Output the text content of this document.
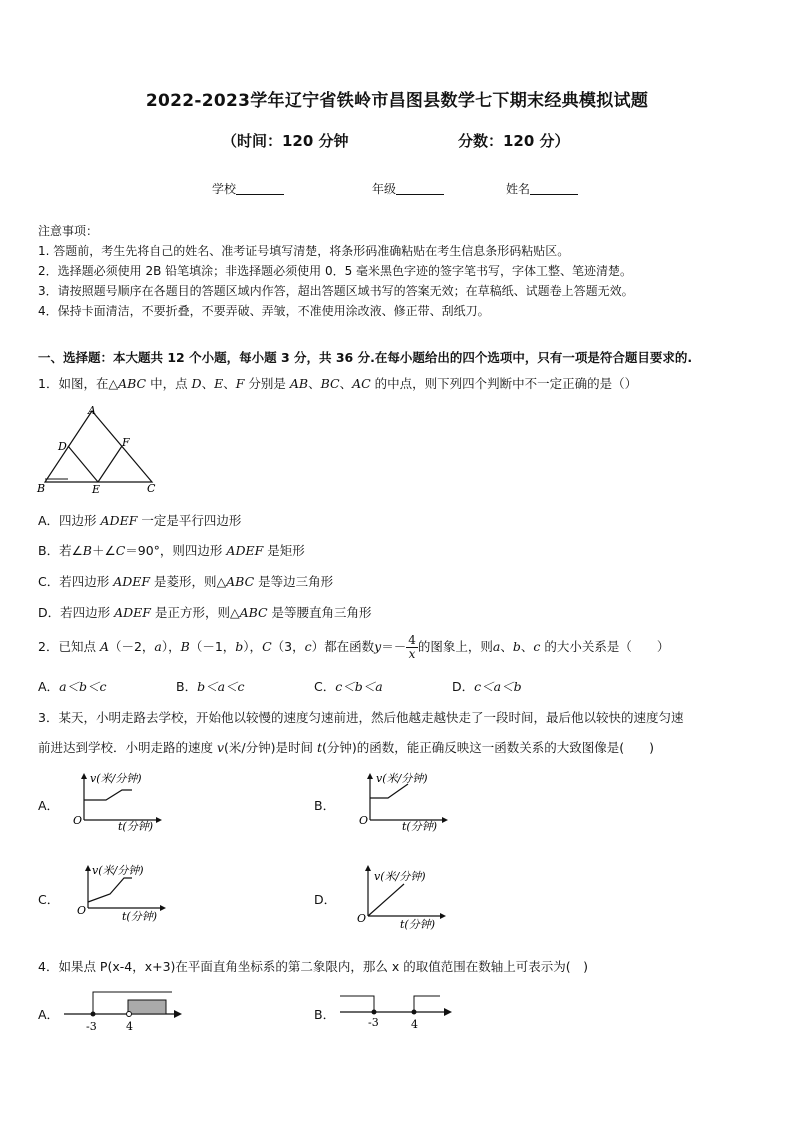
2022-2023学年辽宁省铁岭市昌图县数学七下期末经典模拟试题
（时间：120 分钟	分数：120 分）
学校	年级	姓名
注意事项：
1. 答题前，考生先将自己的姓名、准考证号填写清楚，将条形码准确粘贴在考生信息条形码粘贴区。
2．选择题必须使用 2B 铅笔填涂；非选择题必须使用 0．5 毫米黑色字迹的签字笔书写，字体工整、笔迹清楚。
3．请按照题号顺序在各题目的答题区域内作答，超出答题区域书写的答案无效；在草稿纸、试题卷上答题无效。
4．保持卡面清洁，不要折叠，不要弄破、弄皱，不准使用涂改液、修正带、刮纸刀。
一、选择题：本大题共 12 个小题，每小题 3 分，共 36 分.在每小题给出的四个选项中，只有一项是符合题目要求的.
1．如图，在△ABC 中，点 D、E、F 分别是 AB、BC、AC 的中点，则下列四个判断中不一定正确的是（）
A
D	F
B	E	C
A．四边形 ADEF 一定是平行四边形
B．若∠B＋∠C＝90°，则四边形 ADEF 是矩形
C．若四边形 ADEF 是菱形，则△ABC 是等边三角形
D．若四边形 ADEF 是正方形，则△ABC 是等腰直角三角形
2．已知点 A（－2，a），B（－1，b），C（3，c）都在函数$y=- \frac{4}{x}$ 的图象上，则a、b、c 的大小关系是（　　）
A．a＜b＜c	B．b＜a＜c	C．c＜b＜a	D．c＜a＜b
3．某天，小明走路去学校，开始他以较慢的速度匀速前进，然后他越走越快走了一段时间，最后他以较快的速度匀速
前进达到学校．小明走路的速度 v(米/分钟)是时间 t(分钟)的函数，能正确反映这一函数关系的大致图像是(　　)
A．
v(米/分钟)
t(分钟)
O
B．
v(米/分钟)
t(分钟)
O
C．
v(米/分钟)
t(分钟)
O
D．
v(米/分钟)
t(分钟)
O
4．如果点 P(x-4，x+3)在平面直角坐标系的第二象限内，那么 x 的取值范围在数轴上可表示为(　)
A．
-3	4
B．
-3	4
